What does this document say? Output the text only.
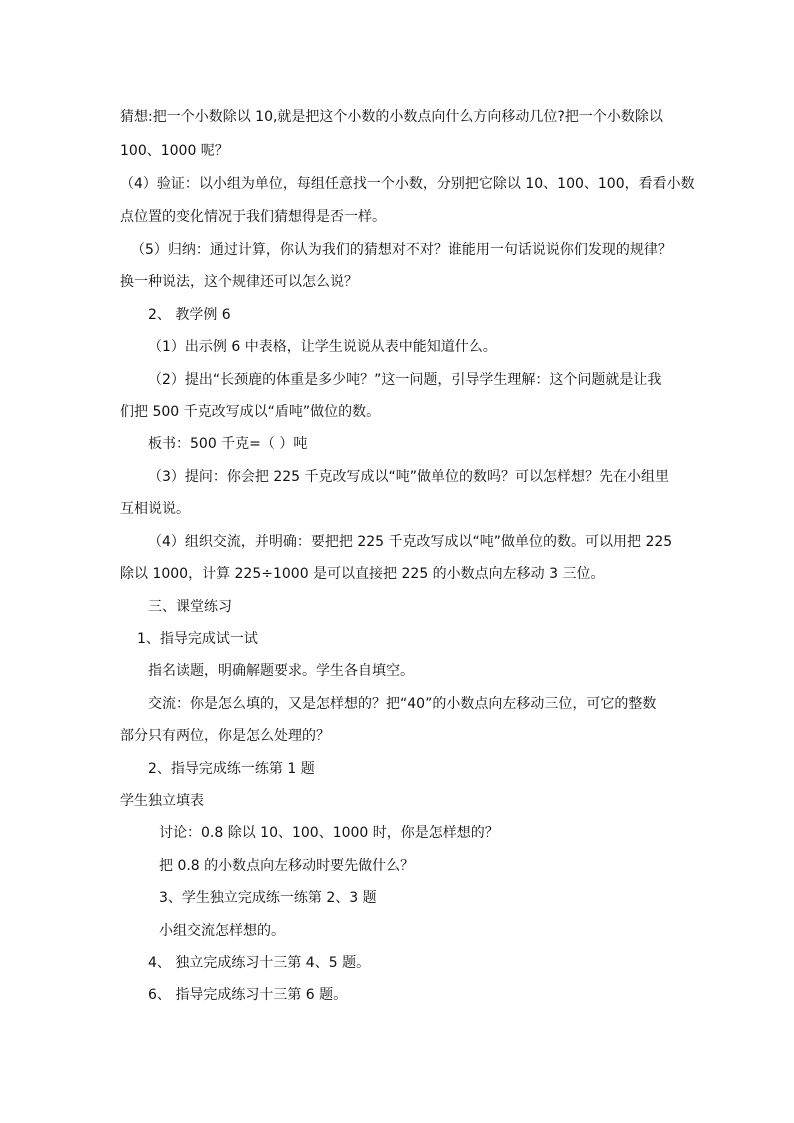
猜想:把一个小数除以 10,就是把这个小数的小数点向什么方向移动几位?把一个小数除以
100、1000 呢？
（4）验证：以小组为单位，每组任意找一个小数，分别把它除以 10、100、100，看看小数
点位置的变化情况于我们猜想得是否一样。
（5）归纳：通过计算，你认为我们的猜想对不对？谁能用一句话说说你们发现的规律？
换一种说法，这个规律还可以怎么说？
2、 教学例 6
（1）出示例 6 中表格，让学生说说从表中能知道什么。
（2）提出“长颈鹿的体重是多少吨？”这一问题，引导学生理解：这个问题就是让我
们把 500 千克改写成以“盾吨”做位的数。
板书：500 千克=（ ）吨
（3）提问：你会把 225 千克改写成以“吨”做单位的数吗？可以怎样想？先在小组里
互相说说。
（4）组织交流，并明确：要把把 225 千克改写成以“吨”做单位的数。可以用把 225
除以 1000，计算 225÷1000 是可以直接把 225 的小数点向左移动 3 三位。
三、课堂练习
1、指导完成试一试
指名读题，明确解题要求。学生各自填空。
交流：你是怎么填的，又是怎样想的？把“40”的小数点向左移动三位，可它的整数
部分只有两位，你是怎么处理的？
2、指导完成练一练第 1 题
学生独立填表
讨论：0.8 除以 10、100、1000 时，你是怎样想的？
把 0.8 的小数点向左移动时要先做什么？
3、学生独立完成练一练第 2、3 题
小组交流怎样想的。
4、 独立完成练习十三第 4、5 题。
6、 指导完成练习十三第 6 题。
